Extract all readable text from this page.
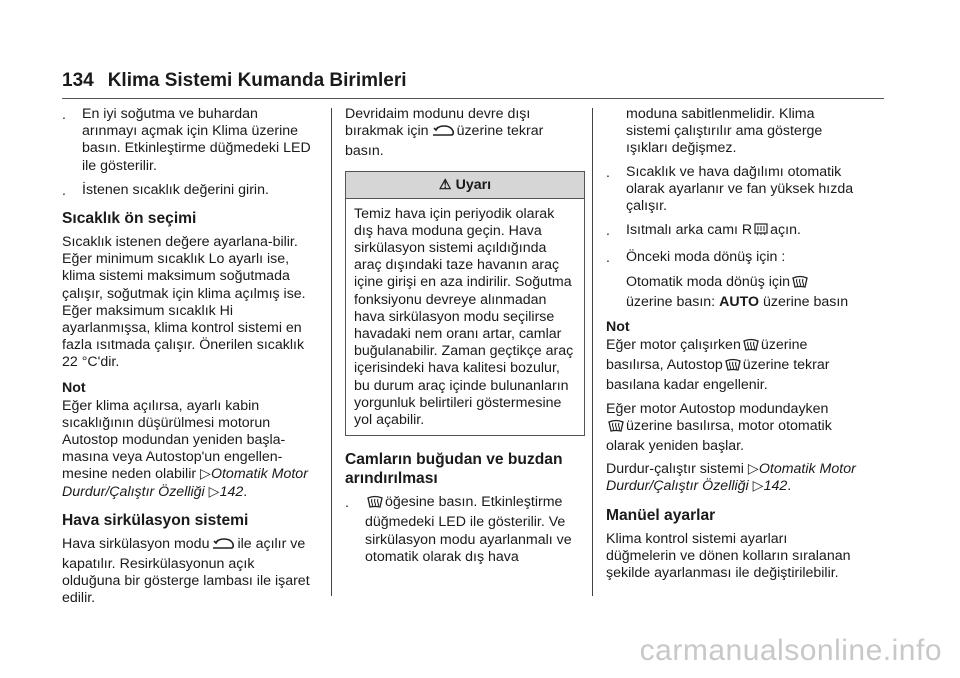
134 Klima Sistemi Kumanda Birimleri
.	En iyi soğutma ve buhardan arınmayı açmak için Klima üzerine basın. Etkinleştirme düğmedeki LED ile gösterilir.
.	İstenen sıcaklık değerini girin.
Sıcaklık ön seçimi

Sıcaklık istenen değere ayarlana-bilir. Eğer minimum sıcaklık Lo ayarlı ise, klima sistemi maksimum soğutmada çalışır, soğutmak için klima açılmış ise. Eğer maksimum sıcaklık Hi ayarlanmışsa, klima kontrol sistemi en fazla ısıtmada çalışır. Önerilen sıcaklık 22 °C'dir.

Not

Eğer klima açılırsa, ayarlı kabin sıcaklığının düşürülmesi motorun Autostop modundan yeniden başla-masına veya Autostop'un engellen-mesine neden olabilir ▷Otomatik Motor Durdur/Çalıştır Özelliği ▷142.

Hava sirkülasyon sistemi

Hava sirkülasyon modu ile açılır ve kapatılır. Resirkülasyonun açık olduğuna bir gösterge lambası ile işaret edilir.

Devridaim modunu devre dışı bırakmak için üzerine tekrar basın.

⚠ Uyarı
Temiz hava için periyodik olarak dış hava moduna geçin. Hava sirkülasyon sistemi açıldığında araç dışındaki taze havanın araç içine girişi en aza indirilir. Soğutma fonksiyonu devreye alınmadan hava sirkülasyon modu seçilirse havadaki nem oranı artar, camlar buğulanabilir. Zaman geçtikçe araç içerisindeki hava kalitesi bozulur, bu durum araç içinde bulunanların yorgunluk belirtileri göstermesine yol açabilir.
Camların buğudan ve buzdan arındırılması
.	öğesine basın. Etkinleştirme düğmedeki LED ile gösterilir. Ve sirkülasyon modu ayarlanmalı ve otomatik olarak dış hava

moduna sabitlenmelidir. Klima sistemi çalıştırılır ama gösterge ışıkları değişmez.

.	Sıcaklık ve hava dağılımı otomatik olarak ayarlanır ve fan yüksek hızda çalışır.
.	Isıtmalı arka camı R açın.
.	Önceki moda dönüş için :

Otomatik moda dönüş için
üzerine basın: AUTO üzerine basın

Not

Eğer motor çalışırken üzerine basılırsa, Autostop üzerine tekrar basılana kadar engellenir.

Eğer motor Autostop modundayken
üzerine basılırsa, motor otomatik olarak yeniden başlar.

Durdur-çalıştır sistemi ▷Otomatik Motor Durdur/Çalıştır Özelliği ▷142.

Manüel ayarlar

Klima kontrol sistemi ayarları düğmelerin ve dönen kolların sıralanan şekilde ayarlanması ile değiştirilebilir.

carmanualsonline.info
